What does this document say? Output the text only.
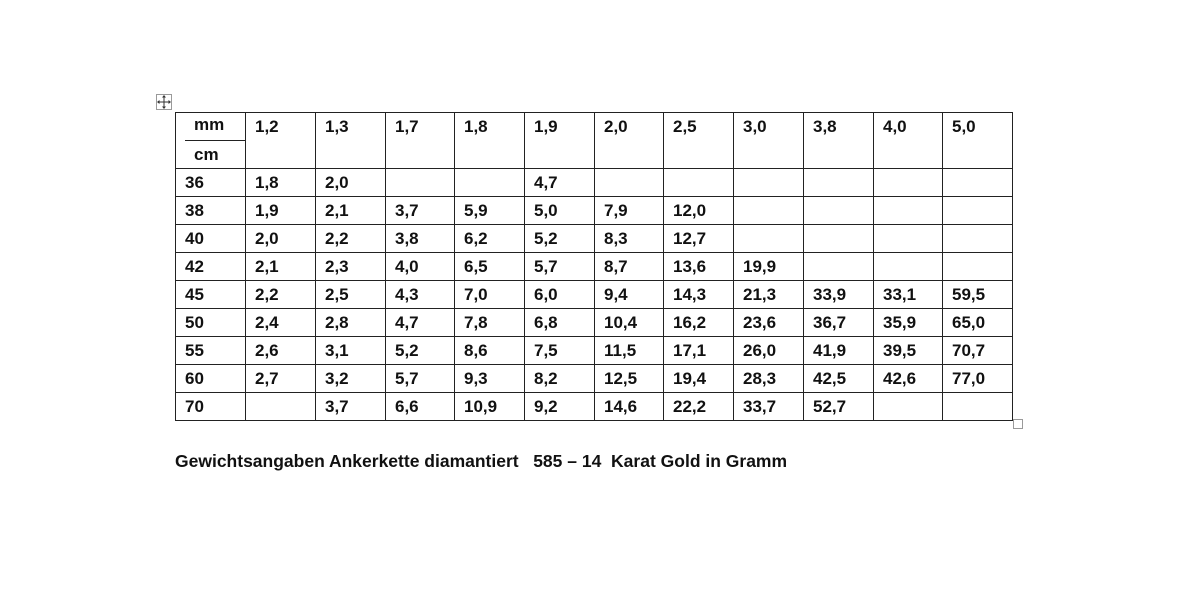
mm
cm	1,2	1,3	1,7	1,8	1,9	2,0	2,5	3,0	3,8	4,0	5,0
36	1,8	2,0			4,7						
38	1,9	2,1	3,7	5,9	5,0	7,9	12,0				
40	2,0	2,2	3,8	6,2	5,2	8,3	12,7				
42	2,1	2,3	4,0	6,5	5,7	8,7	13,6	19,9			
45	2,2	2,5	4,3	7,0	6,0	9,4	14,3	21,3	33,9	33,1	59,5
50	2,4	2,8	4,7	7,8	6,8	10,4	16,2	23,6	36,7	35,9	65,0
55	2,6	3,1	5,2	8,6	7,5	11,5	17,1	26,0	41,9	39,5	70,7
60	2,7	3,2	5,7	9,3	8,2	12,5	19,4	28,3	42,5	42,6	77,0
70		3,7	6,6	10,9	9,2	14,6	22,2	33,7	52,7		
Gewichtsangaben Ankerkette diamantiert   585 – 14  Karat Gold in Gramm
